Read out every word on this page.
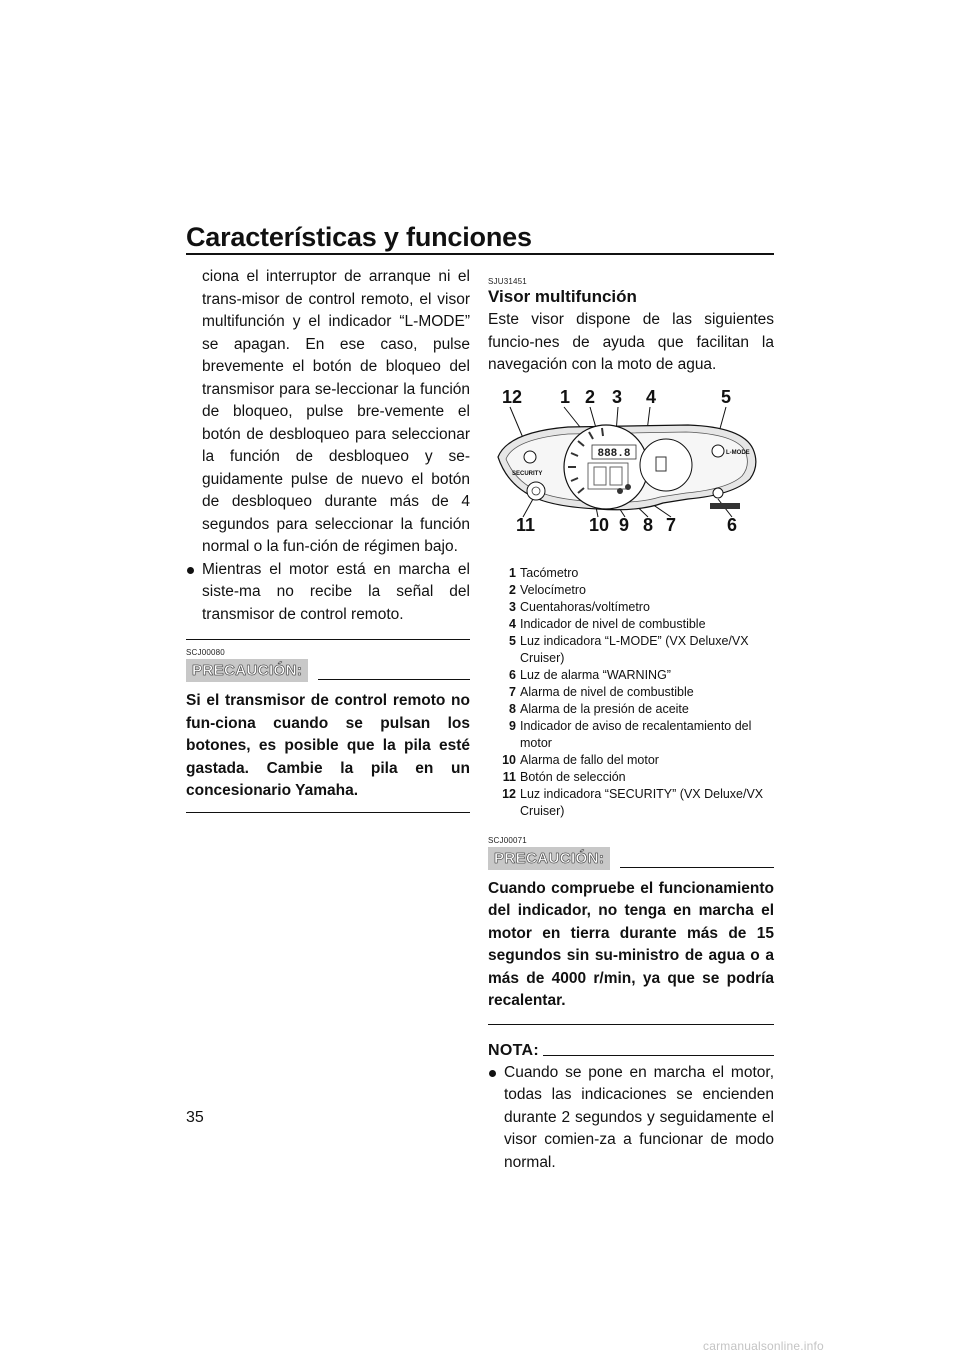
Características y funciones

ciona el interruptor de arranque ni el trans-misor de control remoto, el visor multifunción y el indicador “L-MODE” se apagan. En ese caso, pulse brevemente el botón de bloqueo del transmisor para se-leccionar la función de bloqueo, pulse bre-vemente el botón de desbloqueo para seleccionar la función de desbloqueo y se-guidamente pulse de nuevo el botón de desbloqueo durante más de 4 segundos para seleccionar la función normal o la fun-ción de régimen bajo.

Mientras el motor está en marcha el siste-ma no recibe la señal del transmisor de control remoto.
SCJ00080
PRECAUCIÓN:

Si el transmisor de control remoto no fun-ciona cuando se pulsan los botones, es posible que la pila esté gastada. Cambie la pila en un concesionario Yamaha.

SJU31451
Visor multifunción

Este visor dispone de las siguientes funcio-nes de ayuda que facilitan la navegación con la moto de agua.

888.8
SECURITY
L-MODE
12 1 2 3 4	5
11	10 9 8 7	6
1 Tacómetro
2 Velocímetro
3 Cuentahoras/voltímetro
4 Indicador de nivel de combustible
5 Luz indicadora “L-MODE” (VX Deluxe/VX Cruiser)
6 Luz de alarma “WARNING”
7 Alarma de nivel de combustible
8 Alarma de la presión de aceite
9 Indicador de aviso de recalentamiento del motor
10 Alarma de fallo del motor
11 Botón de selección
12 Luz indicadora “SECURITY” (VX Deluxe/VX Cruiser)
SCJ00071
PRECAUCIÓN:

Cuando compruebe el funcionamiento del indicador, no tenga en marcha el motor en tierra durante más de 15 segundos sin su-ministro de agua o a más de 4000 r/min, ya que se podría recalentar.

NOTA:
Cuando se pone en marcha el motor, todas las indicaciones se encienden durante 2 segundos y seguidamente el visor comien-za a funcionar de modo normal.
35
carmanualsonline.info
